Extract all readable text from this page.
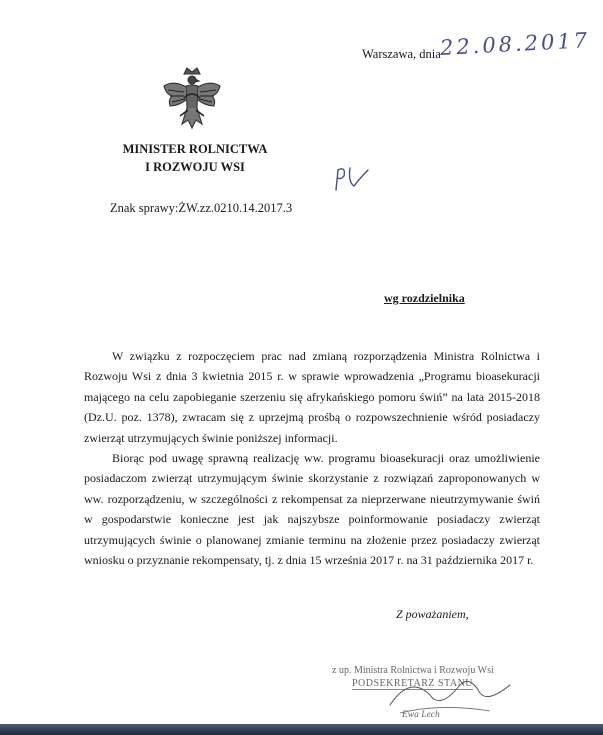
Warszawa, dnia
22.08.2017
MINISTER ROLNICTWA
I ROZWOJU WSI
Znak sprawy:ŻW.zz.0210.14.2017.3
wg rozdzielnika

W związku z rozpoczęciem prac nad zmianą rozporządzenia Ministra Rolnictwa i Rozwoju Wsi z dnia 3 kwietnia 2015 r. w sprawie wprowadzenia „Programu bioasekuracji mającego na celu zapobieganie szerzeniu się afrykańskiego pomoru świń” na lata 2015-2018 (Dz.U. poz. 1378), zwracam się z uprzejmą prośbą o rozpowszechnienie wśród posiadaczy zwierząt utrzymujących świnie poniższej informacji.

Biorąc pod uwagę sprawną realizację ww. programu bioasekuracji oraz umożliwienie posiadaczom zwierząt utrzymującym świnie skorzystanie z rozwiązań zaproponowanych w ww. rozporządzeniu, w szczególności z rekompensat za nieprzerwane nieutrzymywanie świń w gospodarstwie konieczne jest jak najszybsze poinformowanie posiadaczy zwierząt utrzymujących świnie o planowanej zmianie terminu na złożenie przez posiadaczy zwierząt wniosku o przyznanie rekompensaty, tj. z dnia 15 września 2017 r. na 31 października 2017 r.

Z poważaniem,
z up. Ministra Rolnictwa i Rozwoju Wsi
PODSEKRETARZ STANU
Ewa Lech
